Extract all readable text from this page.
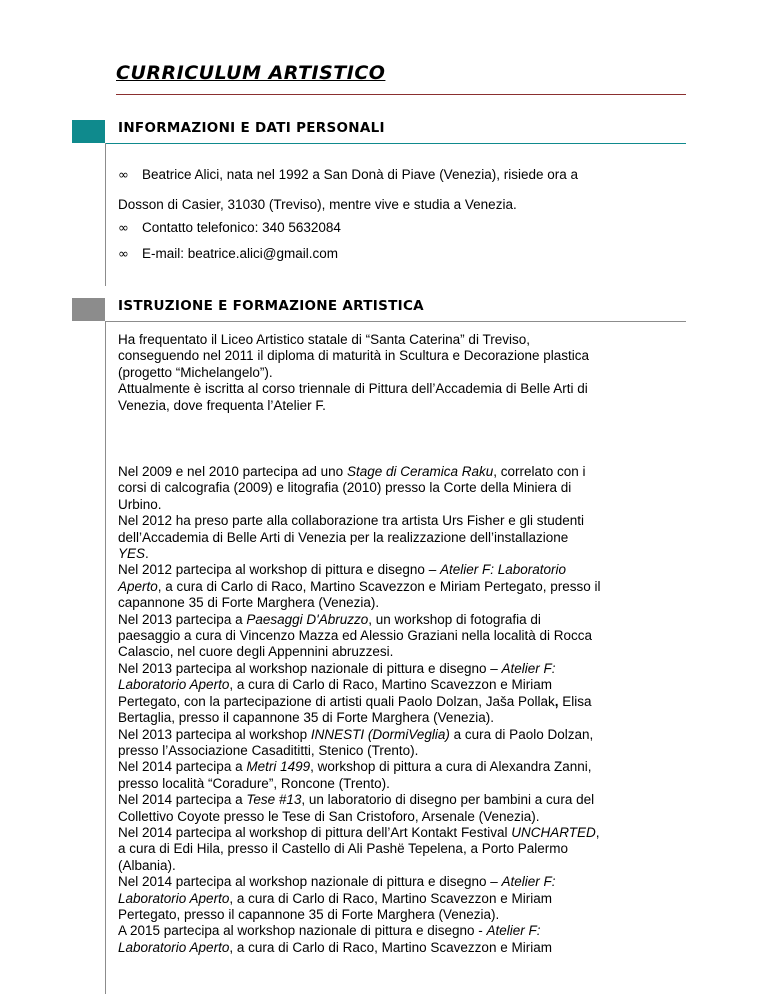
CURRICULUM ARTISTICO
INFORMAZIONI E DATI PERSONALI
∞ Beatrice Alici, nata nel 1992 a San Donà di Piave (Venezia), risiede ora a
Dosson di Casier, 31030 (Treviso), mentre vive e studia a Venezia.
∞ Contatto telefonico: 340 5632084
∞ E-mail: beatrice.alici@gmail.com
ISTRUZIONE E FORMAZIONE ARTISTICA
Ha frequentato il Liceo Artistico statale di “Santa Caterina” di Treviso,
conseguendo nel 2011 il diploma di maturità in Scultura e Decorazione plastica
(progetto “Michelangelo”).
Attualmente è iscritta al corso triennale di Pittura dell’Accademia di Belle Arti di
Venezia, dove frequenta l’Atelier F.
Nel 2009 e nel 2010 partecipa ad uno Stage di Ceramica Raku, correlato con i
corsi di calcografia (2009) e litografia (2010) presso la Corte della Miniera di
Urbino.
Nel 2012 ha preso parte alla collaborazione tra artista Urs Fisher e gli studenti
dell’Accademia di Belle Arti di Venezia per la realizzazione dell’installazione
YES.
Nel 2012 partecipa al workshop di pittura e disegno – Atelier F: Laboratorio
Aperto, a cura di Carlo di Raco, Martino Scavezzon e Miriam Pertegato, presso il
capannone 35 di Forte Marghera (Venezia).
Nel 2013 partecipa a Paesaggi D'Abruzzo, un workshop di fotografia di
paesaggio a cura di Vincenzo Mazza ed Alessio Graziani nella località di Rocca
Calascio, nel cuore degli Appennini abruzzesi.
Nel 2013 partecipa al workshop nazionale di pittura e disegno – Atelier F:
Laboratorio Aperto, a cura di Carlo di Raco, Martino Scavezzon e Miriam
Pertegato, con la partecipazione di artisti quali Paolo Dolzan, Jaša Pollak, Elisa
Bertaglia, presso il capannone 35 di Forte Marghera (Venezia).
Nel 2013 partecipa al workshop INNESTI (DormiVeglia) a cura di Paolo Dolzan,
presso l’Associazione Casadititti, Stenico (Trento).
Nel 2014 partecipa a Metri 1499, workshop di pittura a cura di Alexandra Zanni,
presso località “Coradure”, Roncone (Trento).
Nel 2014 partecipa a Tese #13, un laboratorio di disegno per bambini a cura del
Collettivo Coyote presso le Tese di San Cristoforo, Arsenale (Venezia).
Nel 2014 partecipa al workshop di pittura dell’Art Kontakt Festival UNCHARTED,
a cura di Edi Hila, presso il Castello di Ali Pashë Tepelena, a Porto Palermo
(Albania).
Nel 2014 partecipa al workshop nazionale di pittura e disegno – Atelier F:
Laboratorio Aperto, a cura di Carlo di Raco, Martino Scavezzon e Miriam
Pertegato, presso il capannone 35 di Forte Marghera (Venezia).
A 2015 partecipa al workshop nazionale di pittura e disegno - Atelier F:
Laboratorio Aperto, a cura di Carlo di Raco, Martino Scavezzon e Miriam
